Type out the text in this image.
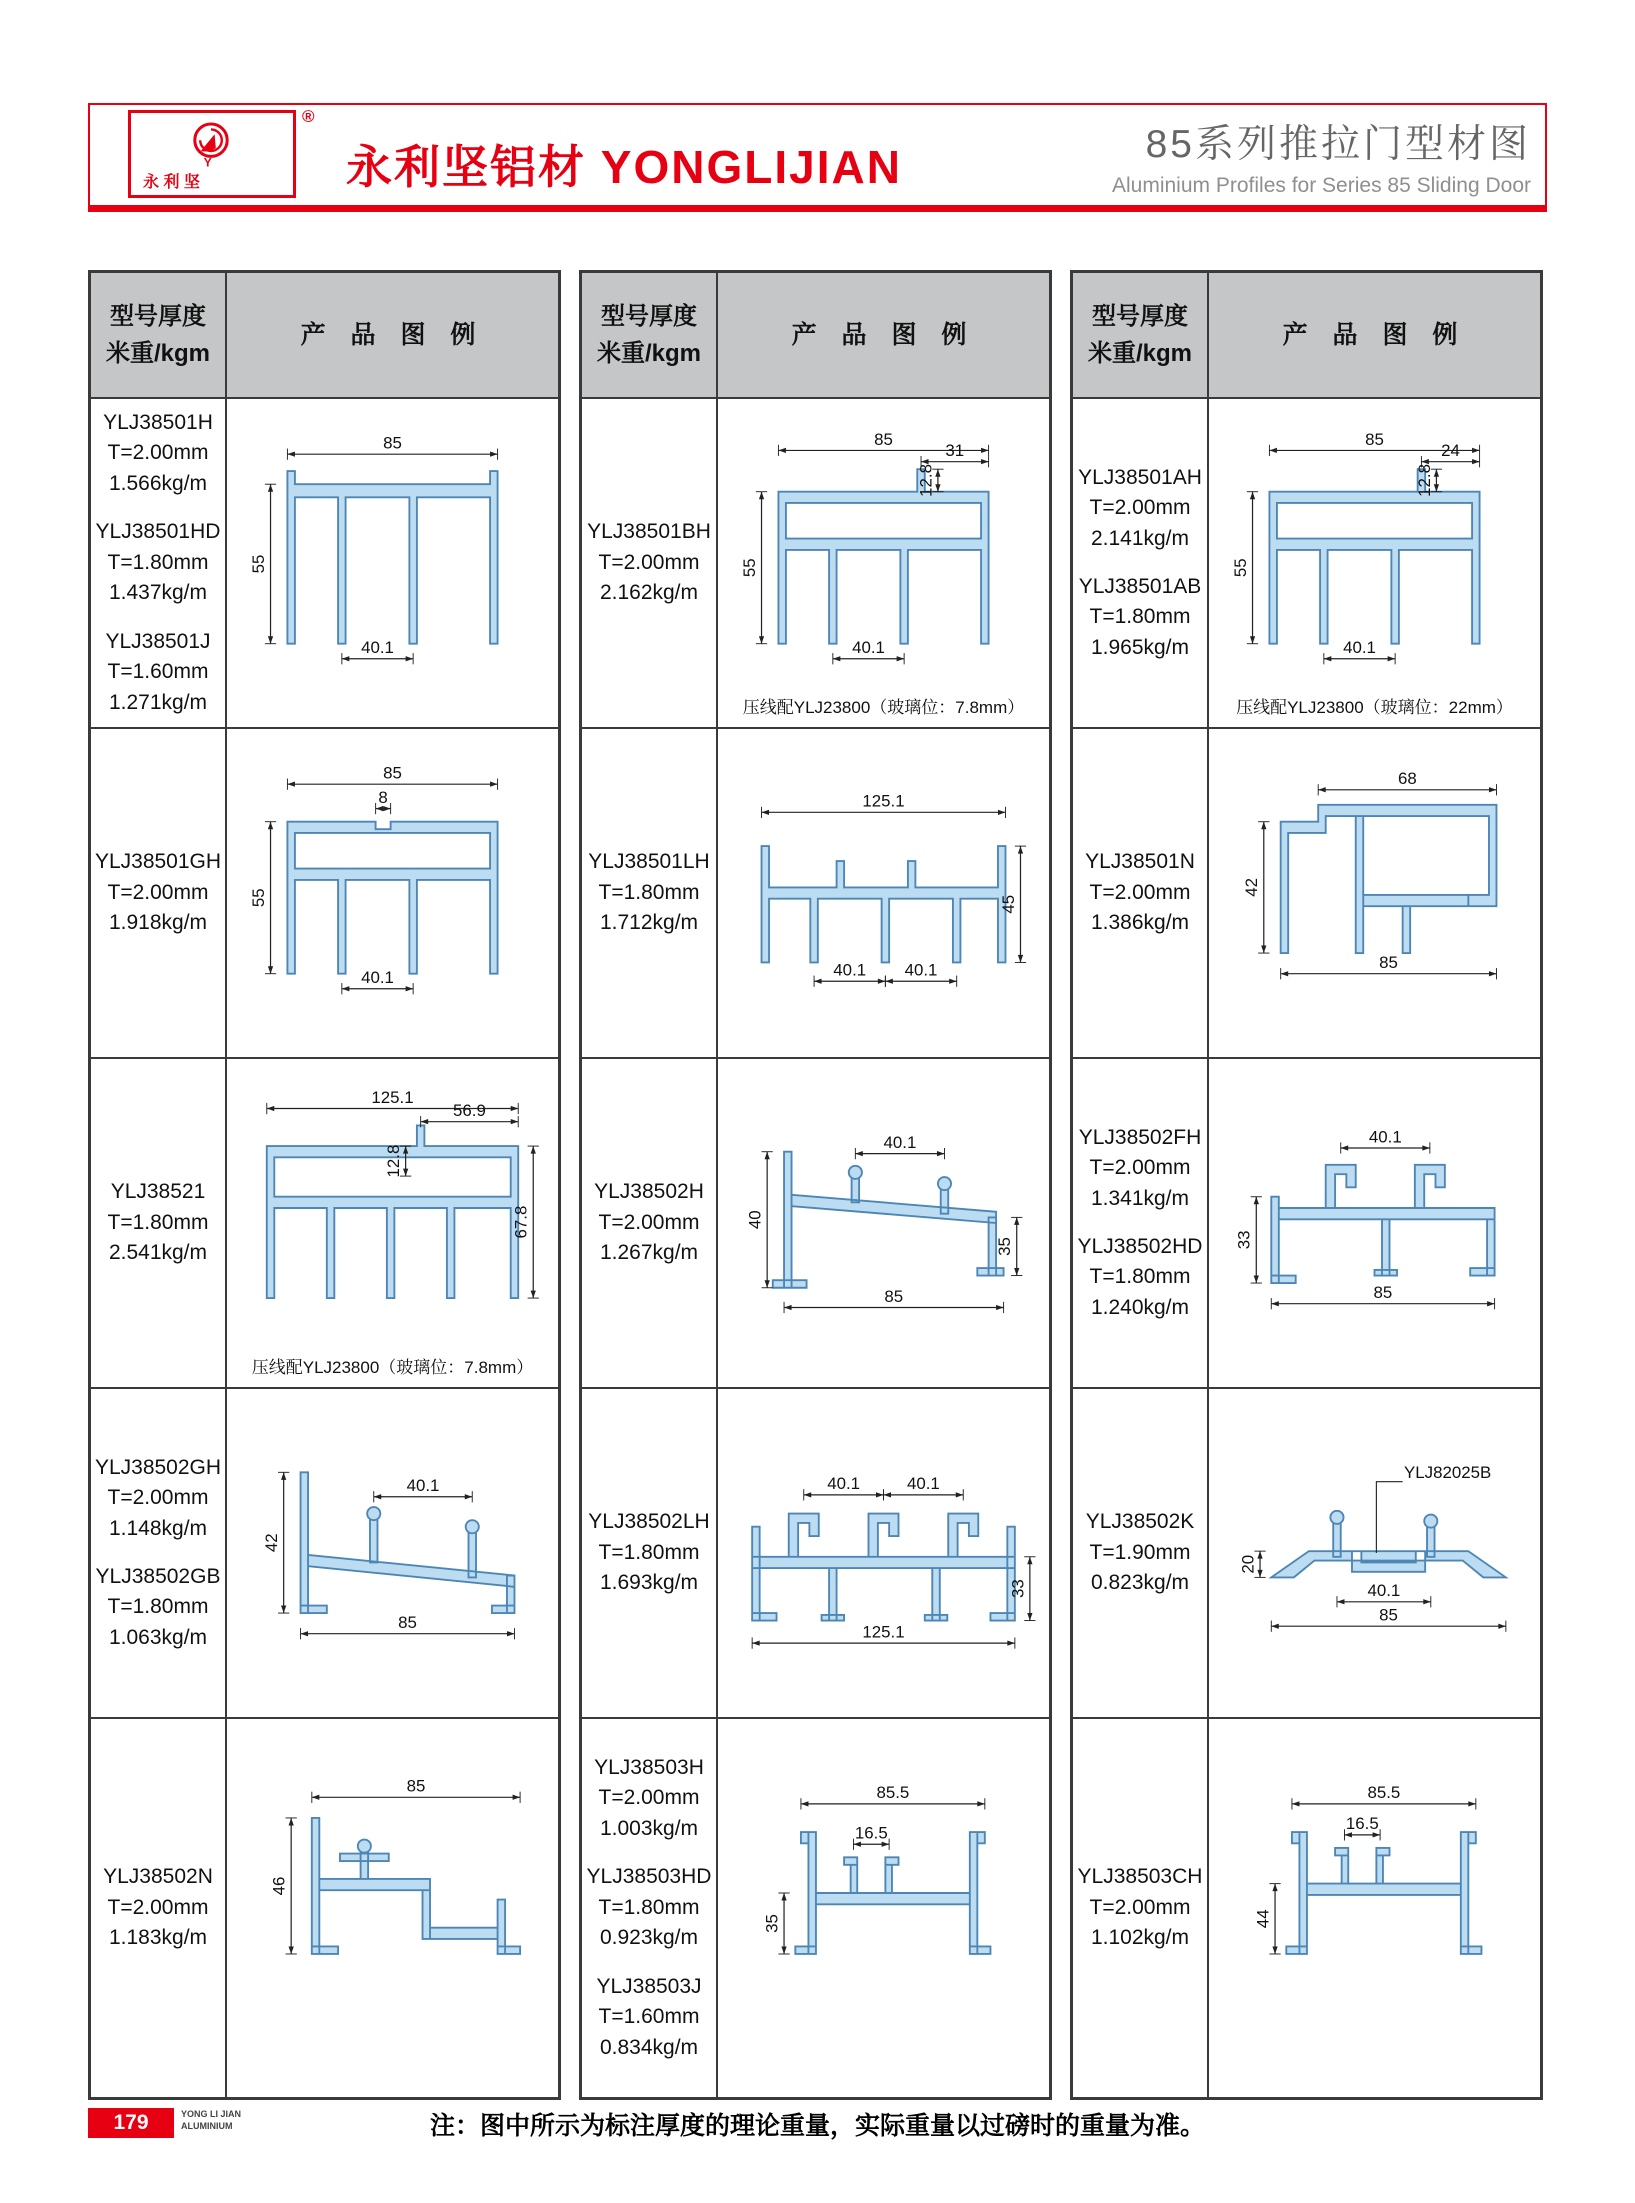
Y
永 利 坚
®
永利坚铝材 YONGLIJIAN	85系列推拉门型材图
Aluminium Profiles for Series 85 Sliding Door
型号厚度
米重/kgm
产 品 图 例
YLJ38501H
T=2.00mm
1.566kg/m
YLJ38501HD
T=1.80mm
1.437kg/m
YLJ38501J
T=1.60mm
1.271kg/m
85
55
40.1
YLJ38501GH
T=2.00mm
1.918kg/m
85
8
55
40.1
YLJ38521
T=1.80mm
2.541kg/m
125.1
56.9
12.8
67.8
压线配YLJ23800（玻璃位：7.8mm）
YLJ38502GH
T=2.00mm
1.148kg/m
YLJ38502GB
T=1.80mm
1.063kg/m
40.1
42
85
YLJ38502N
T=2.00mm
1.183kg/m
85
46
型号厚度
米重/kgm
产 品 图 例
YLJ38501BH
T=2.00mm
2.162kg/m
85
31
12.8
55
40.1
压线配YLJ23800（玻璃位：7.8mm）
YLJ38501LH
T=1.80mm
1.712kg/m
125.1
45
40.1 40.1
YLJ38502H
T=2.00mm
1.267kg/m
40.1
40
35
85
YLJ38502LH
T=1.80mm
1.693kg/m
40.1	40.1
33
125.1
YLJ38503H
T=2.00mm
1.003kg/m
YLJ38503HD
T=1.80mm
0.923kg/m
YLJ38503J
T=1.60mm
0.834kg/m
85.5
16.5
35
型号厚度
米重/kgm
产 品 图 例
YLJ38501AH
T=2.00mm
2.141kg/m
YLJ38501AB
T=1.80mm
1.965kg/m
85
24
12.8
55
40.1
压线配YLJ23800（玻璃位：22mm）
YLJ38501N
T=2.00mm
1.386kg/m
68
42
85
YLJ38502FH
T=2.00mm
1.341kg/m
YLJ38502HD
T=1.80mm
1.240kg/m
40.1
33
85
YLJ38502K
T=1.90mm
0.823kg/m
YLJ82025B
20
40.1
85
YLJ38503CH
T=2.00mm
1.102kg/m
85.5
16.5
44
179	YONG LI JIAN
ALUMINIUM	注：图中所示为标注厚度的理论重量，实际重量以过磅时的重量为准。
